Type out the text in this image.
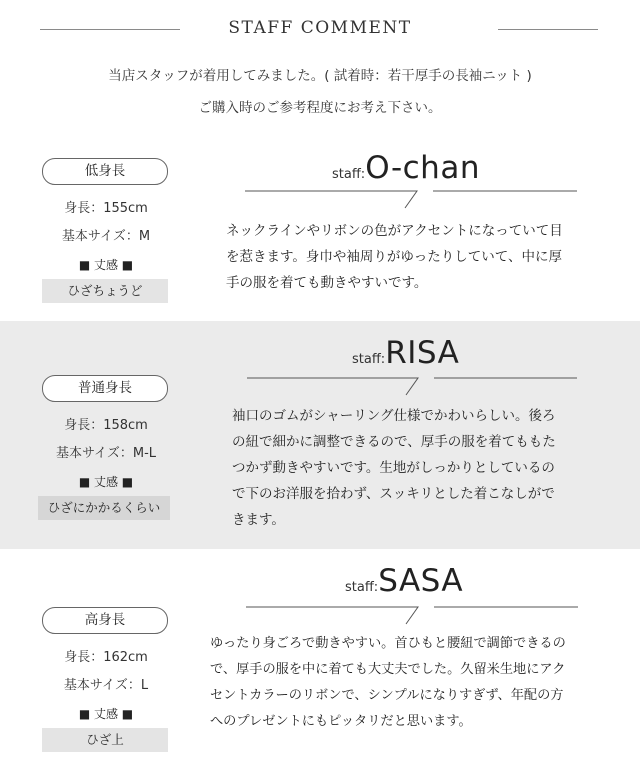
STAFF COMMENT
当店スタッフが着用してみました。( 試着時：若干厚手の長袖ニット )
ご購入時のご参考程度にお考え下さい。
低身長
身長：155cm
基本サイズ：M
■ 丈感 ■
ひざちょうど
staff:O-chan
ネックラインやリボンの色がアクセントになっていて目
を惹きます。身巾や袖周りがゆったりしていて、中に厚
手の服を着ても動きやすいです。
普通身長
身長：158cm
基本サイズ：M-L
■ 丈感 ■
ひざにかかるくらい
staff:RISA
袖口のゴムがシャーリング仕様でかわいらしい。後ろ
の紐で細かに調整できるので、厚手の服を着てももた
つかず動きやすいです。生地がしっかりとしているの
で下のお洋服を拾わず、スッキリとした着こなしがで
きます。
高身長
身長：162cm
基本サイズ：L
■ 丈感 ■
ひざ上
staff:SASA
ゆったり身ごろで動きやすい。首ひもと腰紐で調節できるの
で、厚手の服を中に着ても大丈夫でした。久留米生地にアク
セントカラーのリボンで、シンプルになりすぎず、年配の方
へのプレゼントにもピッタリだと思います。
